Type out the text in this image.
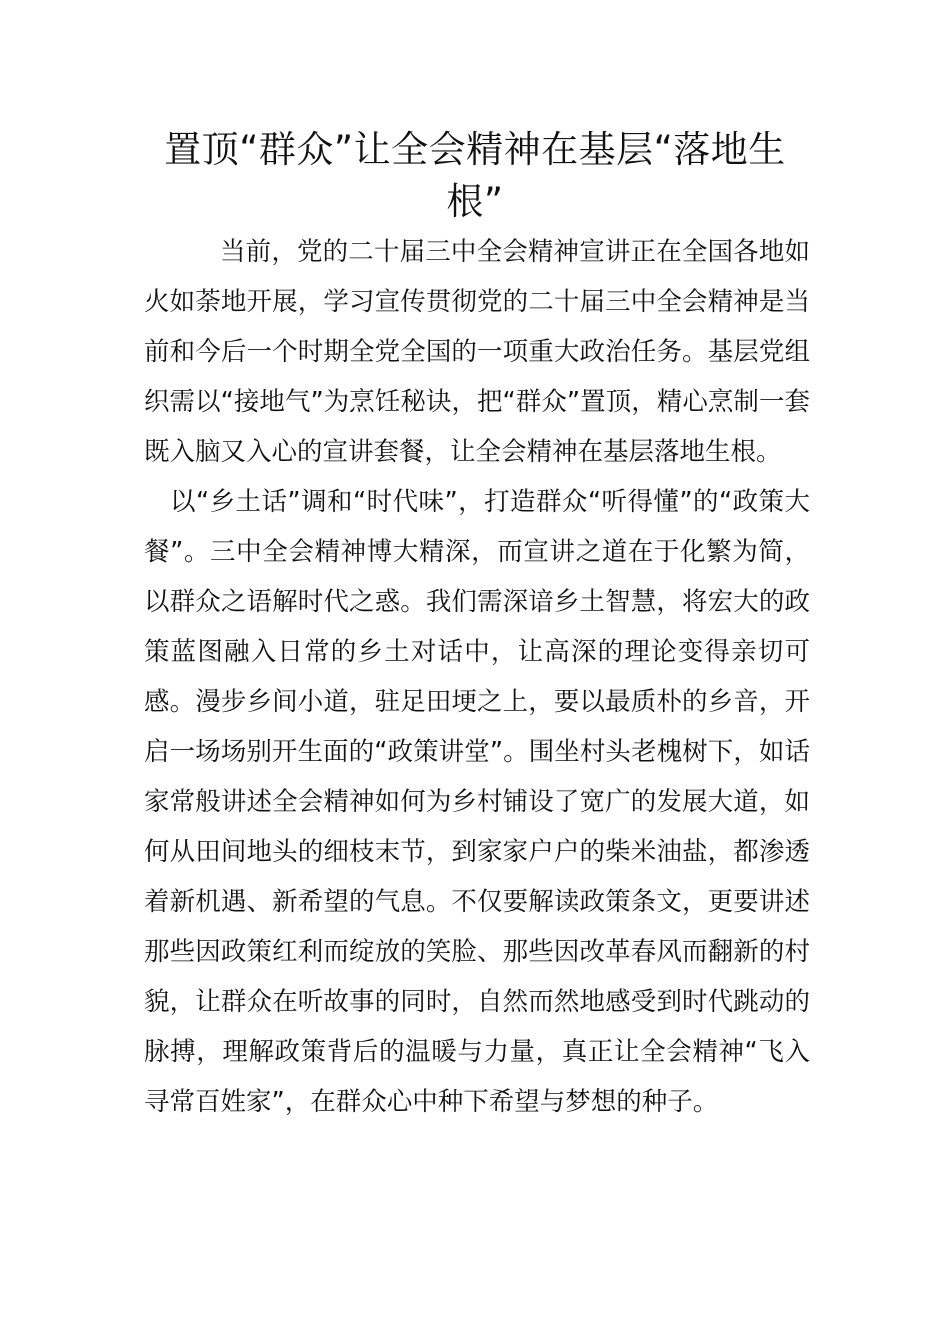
置顶“群众”让全会精神在基层“落地生根”

当前，党的二十届三中全会精神宣讲正在全国各地如火如荼地开展，学习宣传贯彻党的二十届三中全会精神是当前和今后一个时期全党全国的一项重大政治任务。基层党组织需以“接地气”为烹饪秘诀，把“群众”置顶，精心烹制一套既入脑又入心的宣讲套餐，让全会精神在基层落地生根。

以“乡土话”调和“时代味”，打造群众“听得懂”的“政策大餐”。三中全会精神博大精深，而宣讲之道在于化繁为简，以群众之语解时代之惑。我们需深谙乡土智慧，将宏大的政策蓝图融入日常的乡土对话中，让高深的理论变得亲切可感。漫步乡间小道，驻足田埂之上，要以最质朴的乡音，开启一场场别开生面的“政策讲堂”。围坐村头老槐树下，如话家常般讲述全会精神如何为乡村铺设了宽广的发展大道，如何从田间地头的细枝末节，到家家户户的柴米油盐，都渗透着新机遇、新希望的气息。不仅要解读政策条文，更要讲述那些因政策红利而绽放的笑脸、那些因改革春风而翻新的村貌，让群众在听故事的同时，自然而然地感受到时代跳动的脉搏，理解政策背后的温暖与力量，真正让全会精神“飞入寻常百姓家”，在群众心中种下希望与梦想的种子。
